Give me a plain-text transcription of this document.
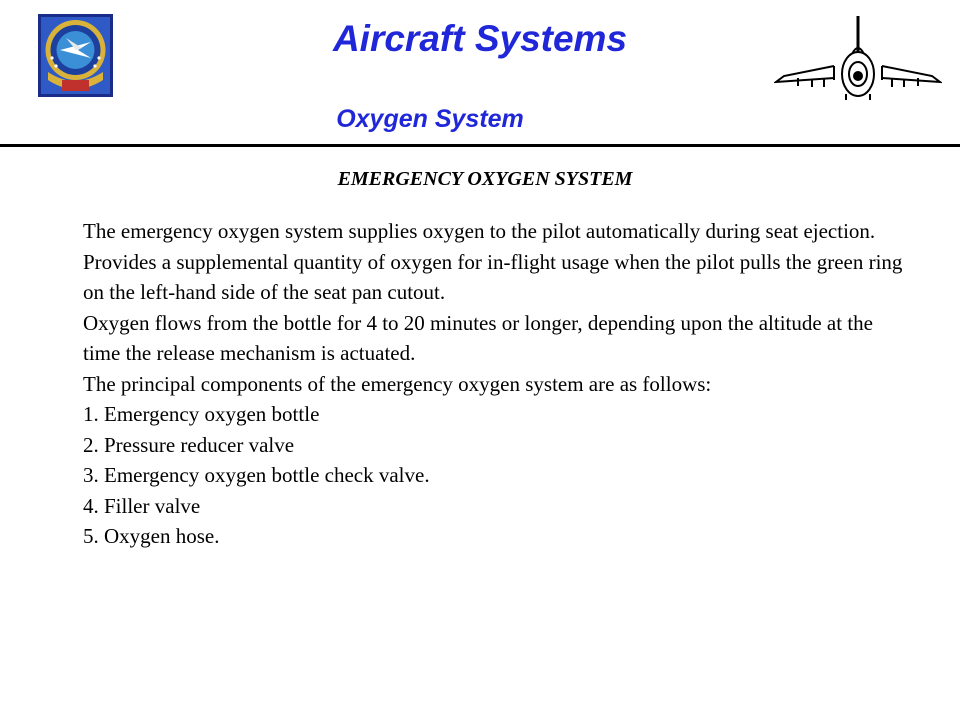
Aircraft Systems
Oxygen System
EMERGENCY OXYGEN SYSTEM

The emergency oxygen system supplies oxygen to the pilot automatically during seat ejection.

Provides a supplemental quantity of oxygen for in-flight usage when the pilot pulls the green ring on the left-hand side of the seat pan cutout.

Oxygen flows from the bottle for 4 to 20 minutes or longer, depending upon the altitude at the time the release mechanism is actuated.

The principal components of the emergency oxygen system are as follows:

1. Emergency oxygen bottle
2. Pressure reducer valve
3. Emergency oxygen bottle check valve.
4. Filler valve
5. Oxygen hose.
